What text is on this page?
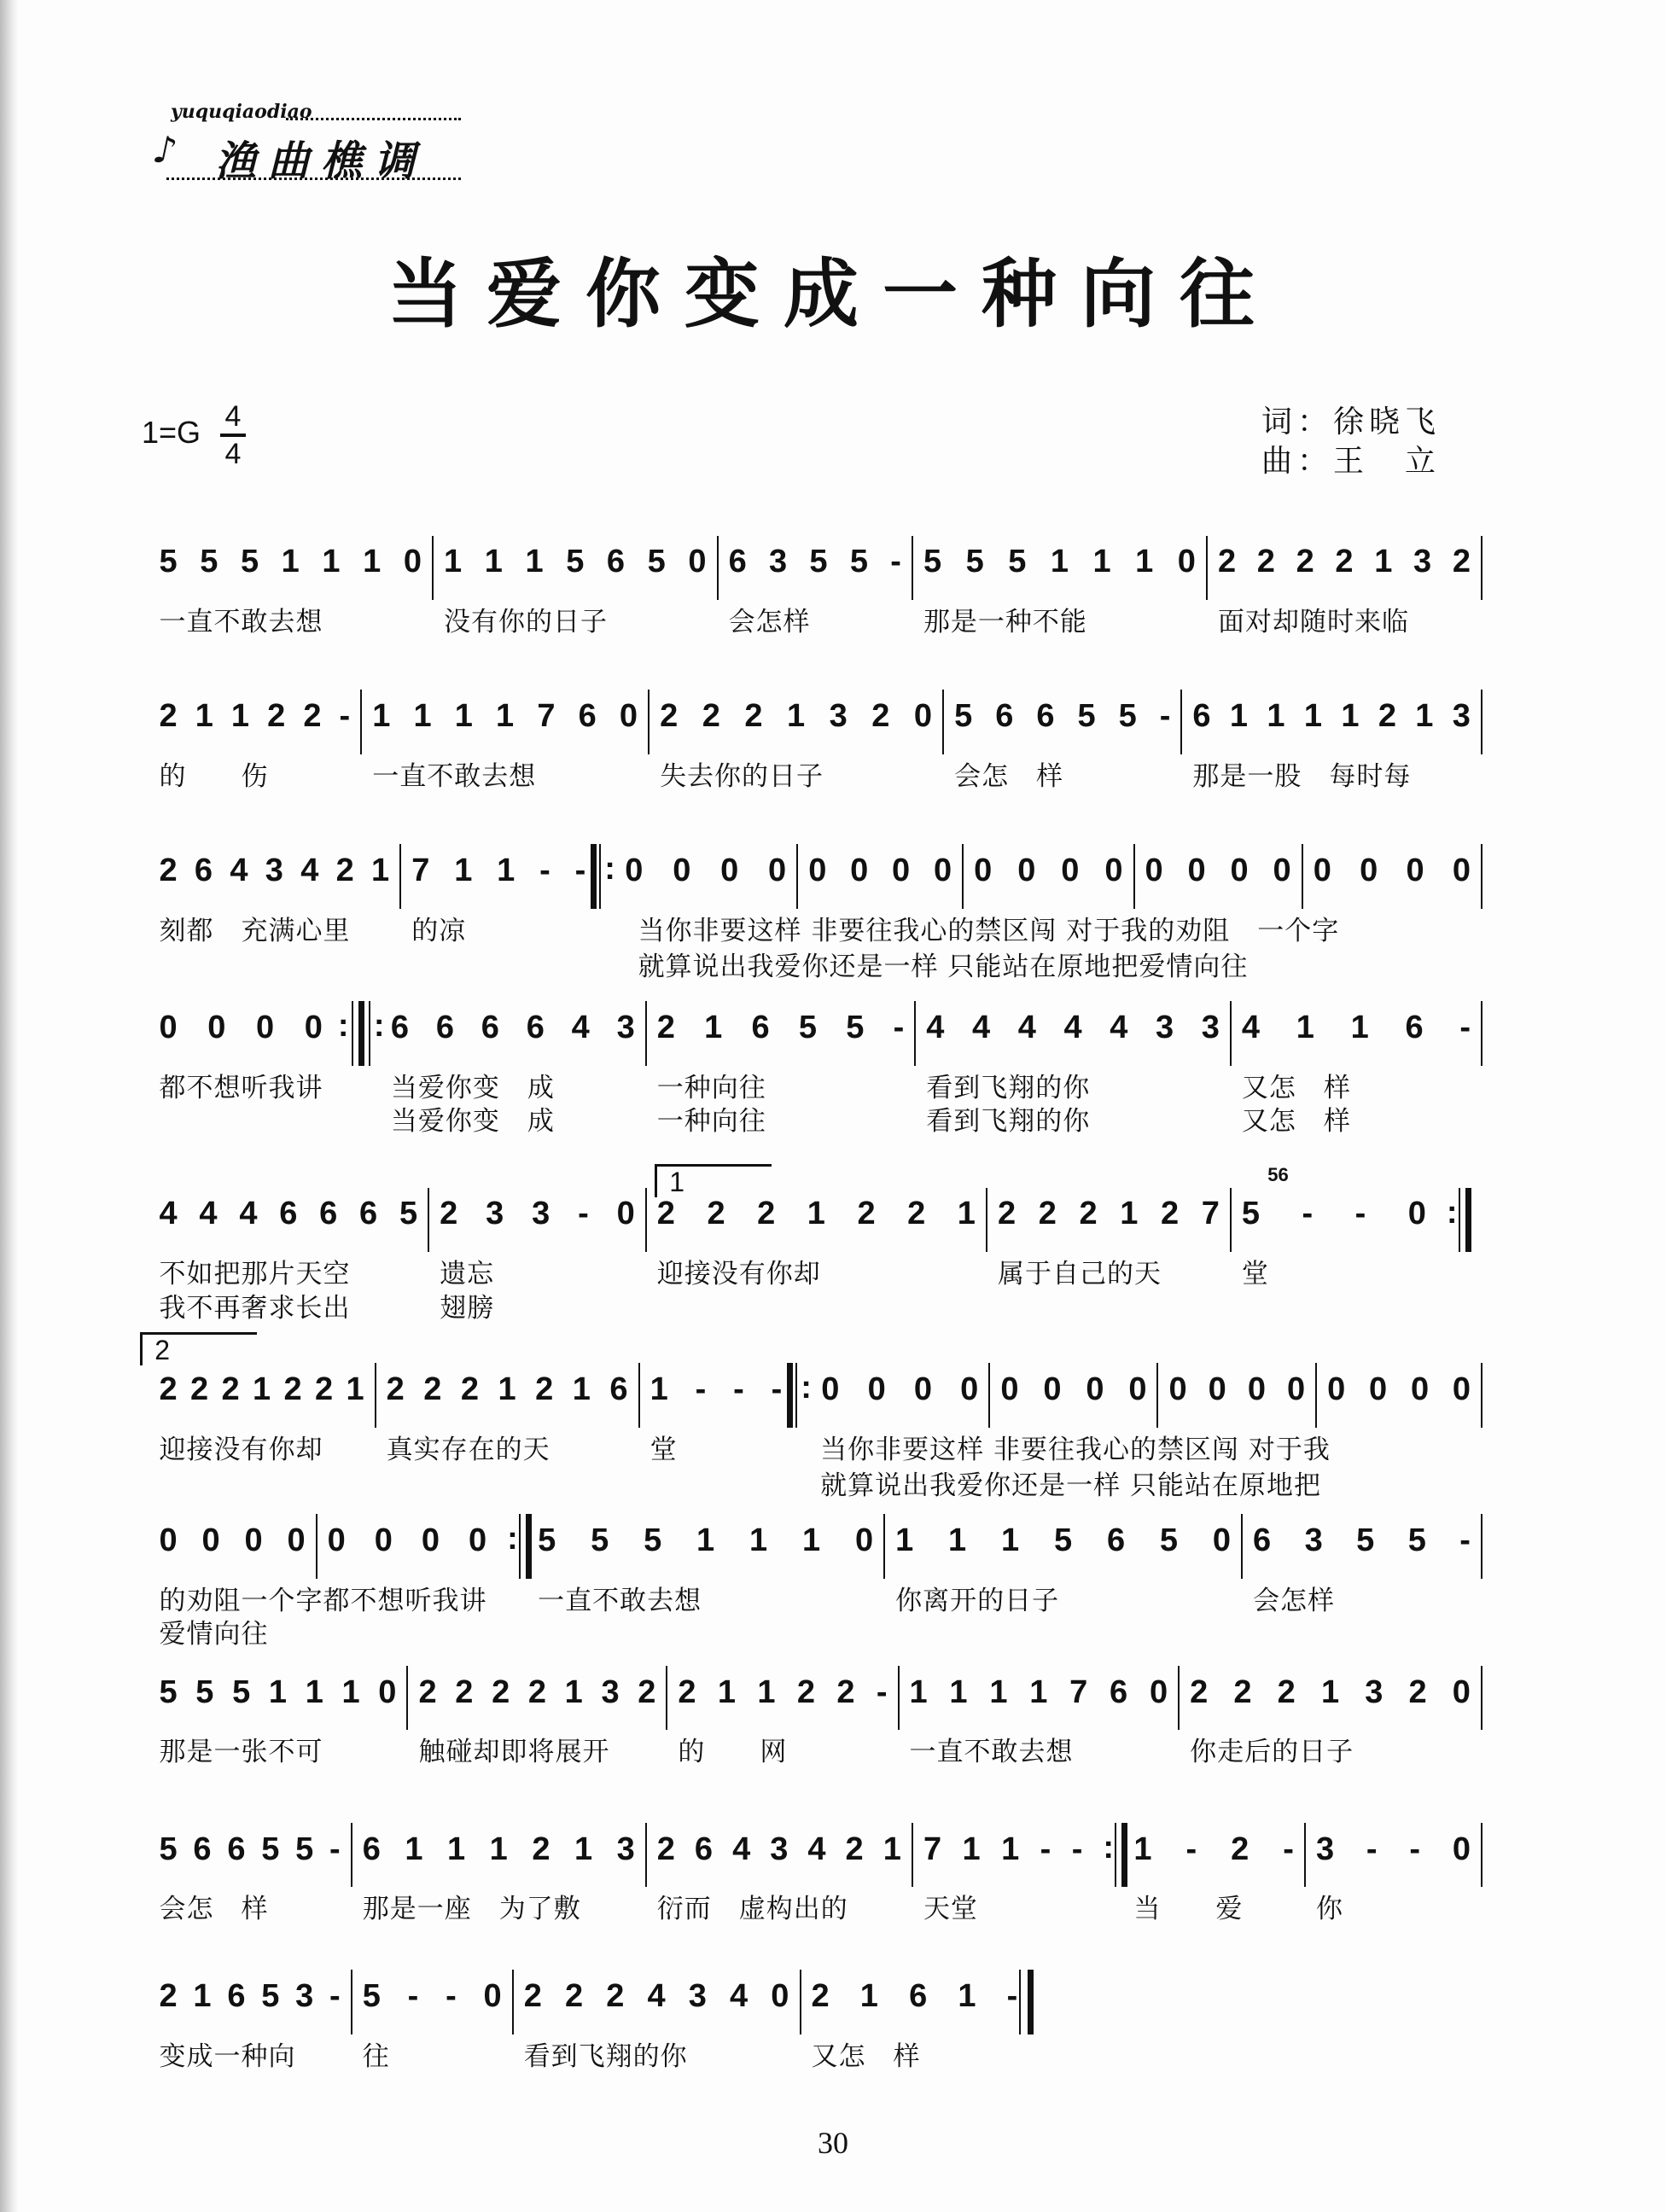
♪
yuquqiaodiao
渔曲樵调
当爱你变成一种向往
1=G 4
4
词：徐晓飞
曲：王　立
5 5 5 1 1 1 0
一直不敢去想
1 1 1 5 6 5 0
没有你的日子
6 3 5 5 -
会怎样
5 5 5 1 1 1 0
那是一种不能
2 2 2 2 1 3 2
面对却随时来临
2 1 1 2 2 -
的　　伤
1 1 1 1 7 6 0
一直不敢去想
2 2 2 1 3 2 0
失去你的日子
5 6 6 5 5 -
会怎　样
6 1 1 1 1 2 1 3
那是一股　每时每
:
2 6 4 3 4 2 1
刻都　充满心里
7 1 1 - -
的凉
0 0 0 0 0 0 0 0 0 0 0 0 0 0 0 0 0 0 0 0
当你非要这样 非要往我心的禁区闯 对于我的劝阻　一个字
就算说出我爱你还是一样 只能站在原地把爱情向往
: :
0 0 0 0
都不想听我讲
6 6 6 6 4 3
当爱你变　成
当爱你变　成
2 1 6 5 5 -
一种向往
一种向往
4 4 4 4 4 3 3
看到飞翔的你
看到飞翔的你
4 1 1 6 -
又怎　样
又怎　样
:
4 4 4 6 6 6 5
不如把那片天空
我不再奢求长出
2 3 3 - 0
遗忘
翅膀
2 2 2 1 2 2 1
迎接没有你却
2 2 2 1 2 7
属于自己的天
5 - - 0
堂
:
2 2 2 1 2 2 1
迎接没有你却
2 2 2 1 2 1 6
真实存在的天
1 - - -
堂
0 0 0 0 0 0 0 0 0 0 0 0 0 0 0 0
当你非要这样 非要往我心的禁区闯 对于我
就算说出我爱你还是一样 只能站在原地把
:
0 0 0 0
的劝阻一个字都不想听我讲
爱情向往
0 0 0 0 5 5 5 1 1 1 0
一直不敢去想
1 1 1 5 6 5 0
你离开的日子
6 3 5 5 -
会怎样
5 5 5 1 1 1 0
那是一张不可
2 2 2 2 1 3 2
触碰却即将展开
2 1 1 2 2 -
的　　网
1 1 1 1 7 6 0
一直不敢去想
2 2 2 1 3 2 0
你走后的日子
:
5 6 6 5 5 -
会怎　样
6 1 1 1 2 1 3
那是一座　为了敷
2 6 4 3 4 2 1
衍而　虚构出的
7 1 1 - -
天堂
1 - 2 -
当　　爱
3 - - 0
你
2 1 6 5 3 -
变成一种向
5 - - 0
往
2 2 2 4 3 4 0
看到飞翔的你
2 1 6 1 -
又怎　样
1
2
56
30
